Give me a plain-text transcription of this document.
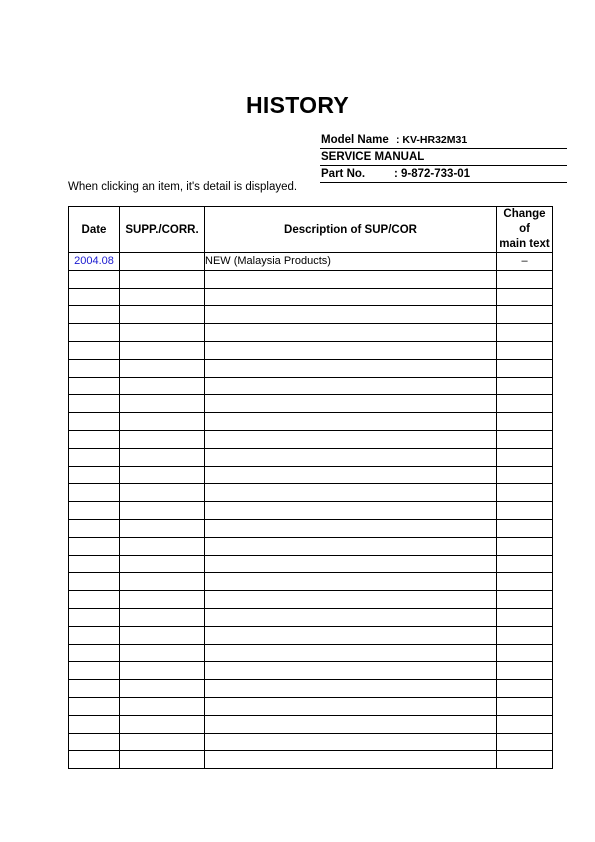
HISTORY
Model Name : KV-HR32M31
SERVICE MANUAL
Part No.	: 9-872-733-01
When clicking an item, it's detail is displayed.
Date	SUPP./CORR.	Description of SUP/COR	Change of
main text
2004.08		NEW (Malaysia Products)	–
